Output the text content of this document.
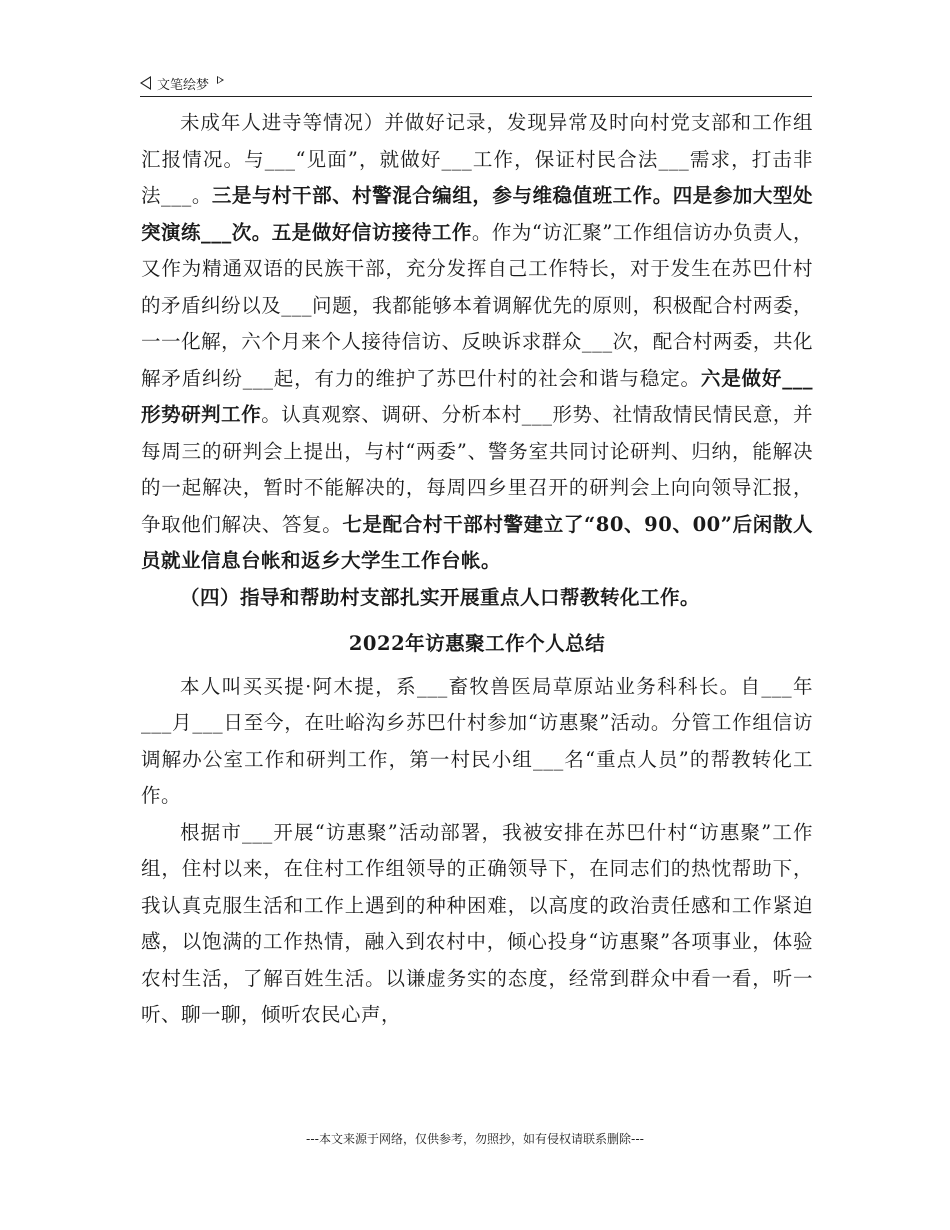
文笔绘梦

未成年人进寺等情况）并做好记录，发现异常及时向村党支部和工作组汇报情况。与___“见面”，就做好___工作，保证村民合法___需求，打击非法___。三是与村干部、村警混合编组，参与维稳值班工作。四是参加大型处突演练___次。五是做好信访接待工作。作为“访汇聚”工作组信访办负责人，又作为精通双语的民族干部，充分发挥自己工作特长，对于发生在苏巴什村的矛盾纠纷以及___问题，我都能够本着调解优先的原则，积极配合村两委，一一化解，六个月来个人接待信访、反映诉求群众___次，配合村两委，共化解矛盾纠纷___起，有力的维护了苏巴什村的社会和谐与稳定。六是做好___形势研判工作。认真观察、调研、分析本村___形势、社情敌情民情民意，并每周三的研判会上提出，与村“两委”、警务室共同讨论研判、归纳，能解决的一起解决，暂时不能解决的，每周四乡里召开的研判会上向向领导汇报，争取他们解决、答复。七是配合村干部村警建立了“80、90、00”后闲散人员就业信息台帐和返乡大学生工作台帐。

（四）指导和帮助村支部扎实开展重点人口帮教转化工作。

2022年访惠聚工作个人总结

本人叫买买提·阿木提，系___畜牧兽医局草原站业务科科长。自___年___月___日至今，在吐峪沟乡苏巴什村参加“访惠聚”活动。分管工作组信访调解办公室工作和研判工作，第一村民小组___名“重点人员”的帮教转化工作。

根据市___开展“访惠聚”活动部署，我被安排在苏巴什村“访惠聚”工作组，住村以来，在住村工作组领导的正确领导下，在同志们的热忱帮助下，我认真克服生活和工作上遇到的种种困难，以高度的政治责任感和工作紧迫感，以饱满的工作热情，融入到农村中，倾心投身“访惠聚”各项事业，体验农村生活，了解百姓生活。以谦虚务实的态度，经常到群众中看一看，听一听、聊一聊，倾听农民心声，

---本文来源于网络，仅供参考，勿照抄，如有侵权请联系删除---
